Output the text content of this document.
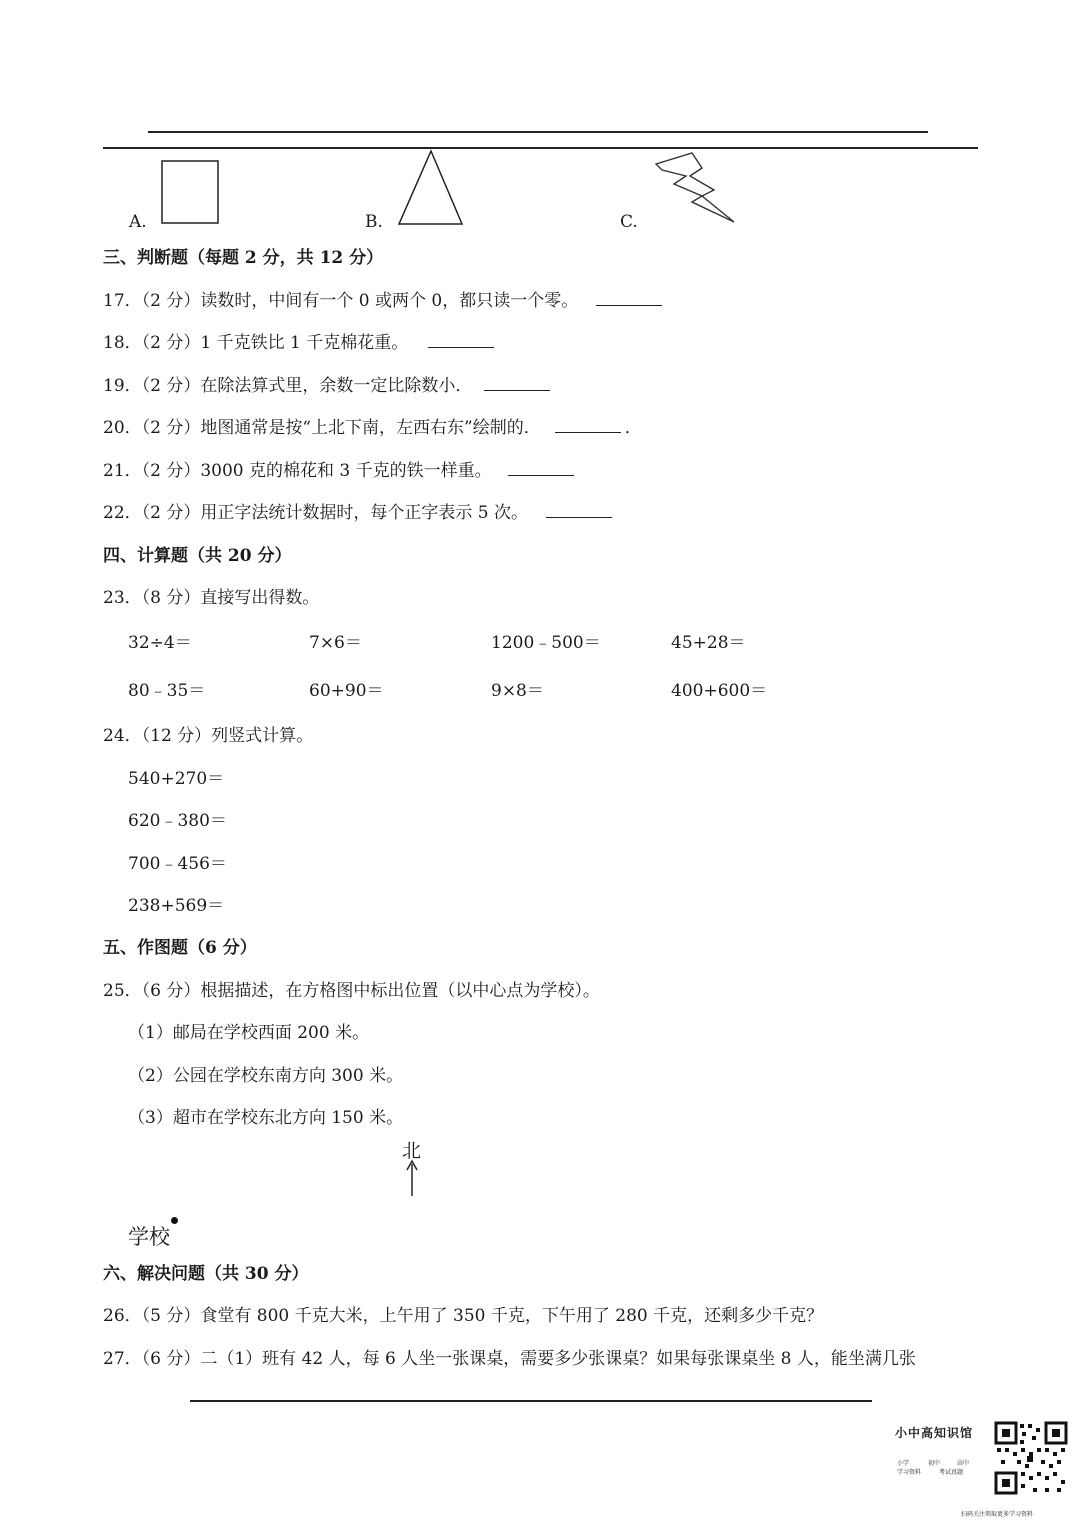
A.	B.	C.
三、判断题（每题 2 分，共 12 分）
17．（2 分）读数时，中间有一个 0 或两个 0，都只读一个零。
18．（2 分）1 千克铁比 1 千克棉花重。
19．（2 分）在除法算式里，余数一定比除数小．
20．（2 分）地图通常是按“上北下南，左西右东”绘制的．	．
21．（2 分）3000 克的棉花和 3 千克的铁一样重。
22．（2 分）用正字法统计数据时，每个正字表示 5 次。
四、计算题（共 20 分）
23．（8 分）直接写出得数。
32÷4＝	7×6＝	1200﹣500＝	45+28＝
80﹣35＝	60+90＝	9×8＝	400+600＝
24．（12 分）列竖式计算。
540+270＝
620﹣380＝
700﹣456＝
238+569＝
五、作图题（6 分）
25．（6 分）根据描述，在方格图中标出位置（以中心点为学校）。
（1）邮局在学校西面 200 米。
（2）公园在学校东南方向 300 米。
（3）超市在学校东北方向 150 米。
北
学校
六、解决问题（共 30 分）
26．（5 分）食堂有 800 千克大米，上午用了 350 千克，下午用了 280 千克，还剩多少千克？
27．（6 分）二（1）班有 42 人，每 6 人坐一张课桌，需要多少张课桌？如果每张课桌坐 8 人，能坐满几张
小中高知识馆
小学	初中	高中
学习资料	考试真题
扫码关注领取更多学习资料
